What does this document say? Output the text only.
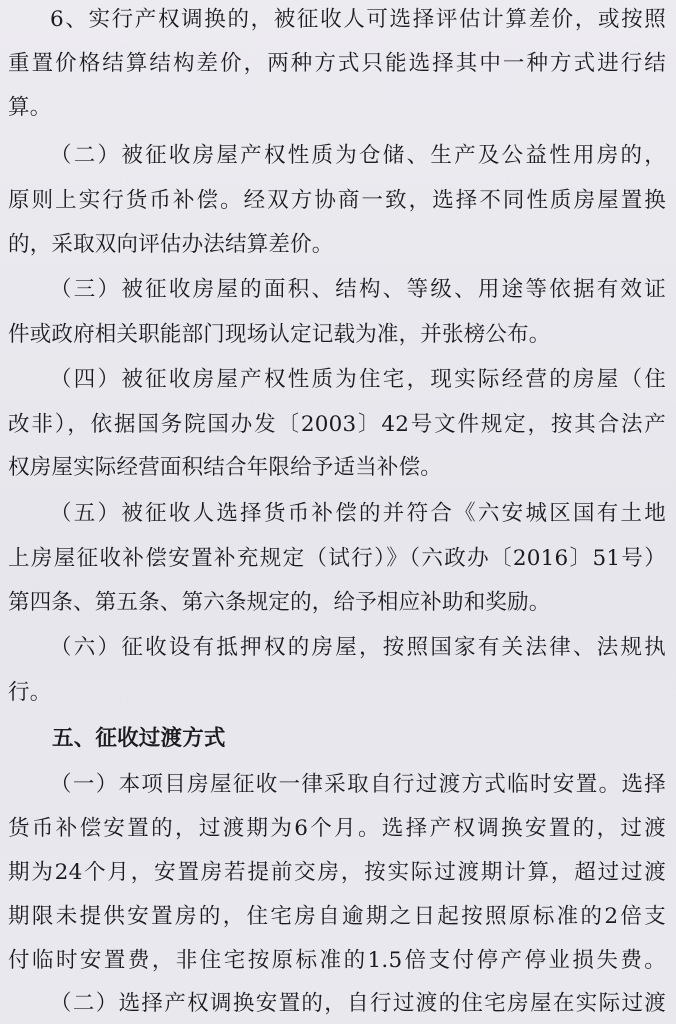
6、实行产权调换的，被征收人可选择评估计算差价，或按照
重置价格结算结构差价，两种方式只能选择其中一种方式进行结
算。
（二）被征收房屋产权性质为仓储、生产及公益性用房的，
原则上实行货币补偿。经双方协商一致，选择不同性质房屋置换
的，采取双向评估办法结算差价。
（三）被征收房屋的面积、结构、等级、用途等依据有效证
件或政府相关职能部门现场认定记载为准，并张榜公布。
（四）被征收房屋产权性质为住宅，现实际经营的房屋（住
改非），依据国务院国办发〔2003〕42号文件规定，按其合法产
权房屋实际经营面积结合年限给予适当补偿。
（五）被征收人选择货币补偿的并符合《六安城区国有土地
上房屋征收补偿安置补充规定（试行）》（六政办〔2016〕51号）
第四条、第五条、第六条规定的，给予相应补助和奖励。
（六）征收设有抵押权的房屋，按照国家有关法律、法规执
行。
五、征收过渡方式
（一）本项目房屋征收一律采取自行过渡方式临时安置。选择
货币补偿安置的，过渡期为6个月。选择产权调换安置的，过渡
期为24个月，安置房若提前交房，按实际过渡期计算，超过过渡
期限未提供安置房的，住宅房自逾期之日起按照原标准的2倍支
付临时安置费，非住宅按原标准的1.5倍支付停产停业损失费。
（二）选择产权调换安置的，自行过渡的住宅房屋在实际过渡
